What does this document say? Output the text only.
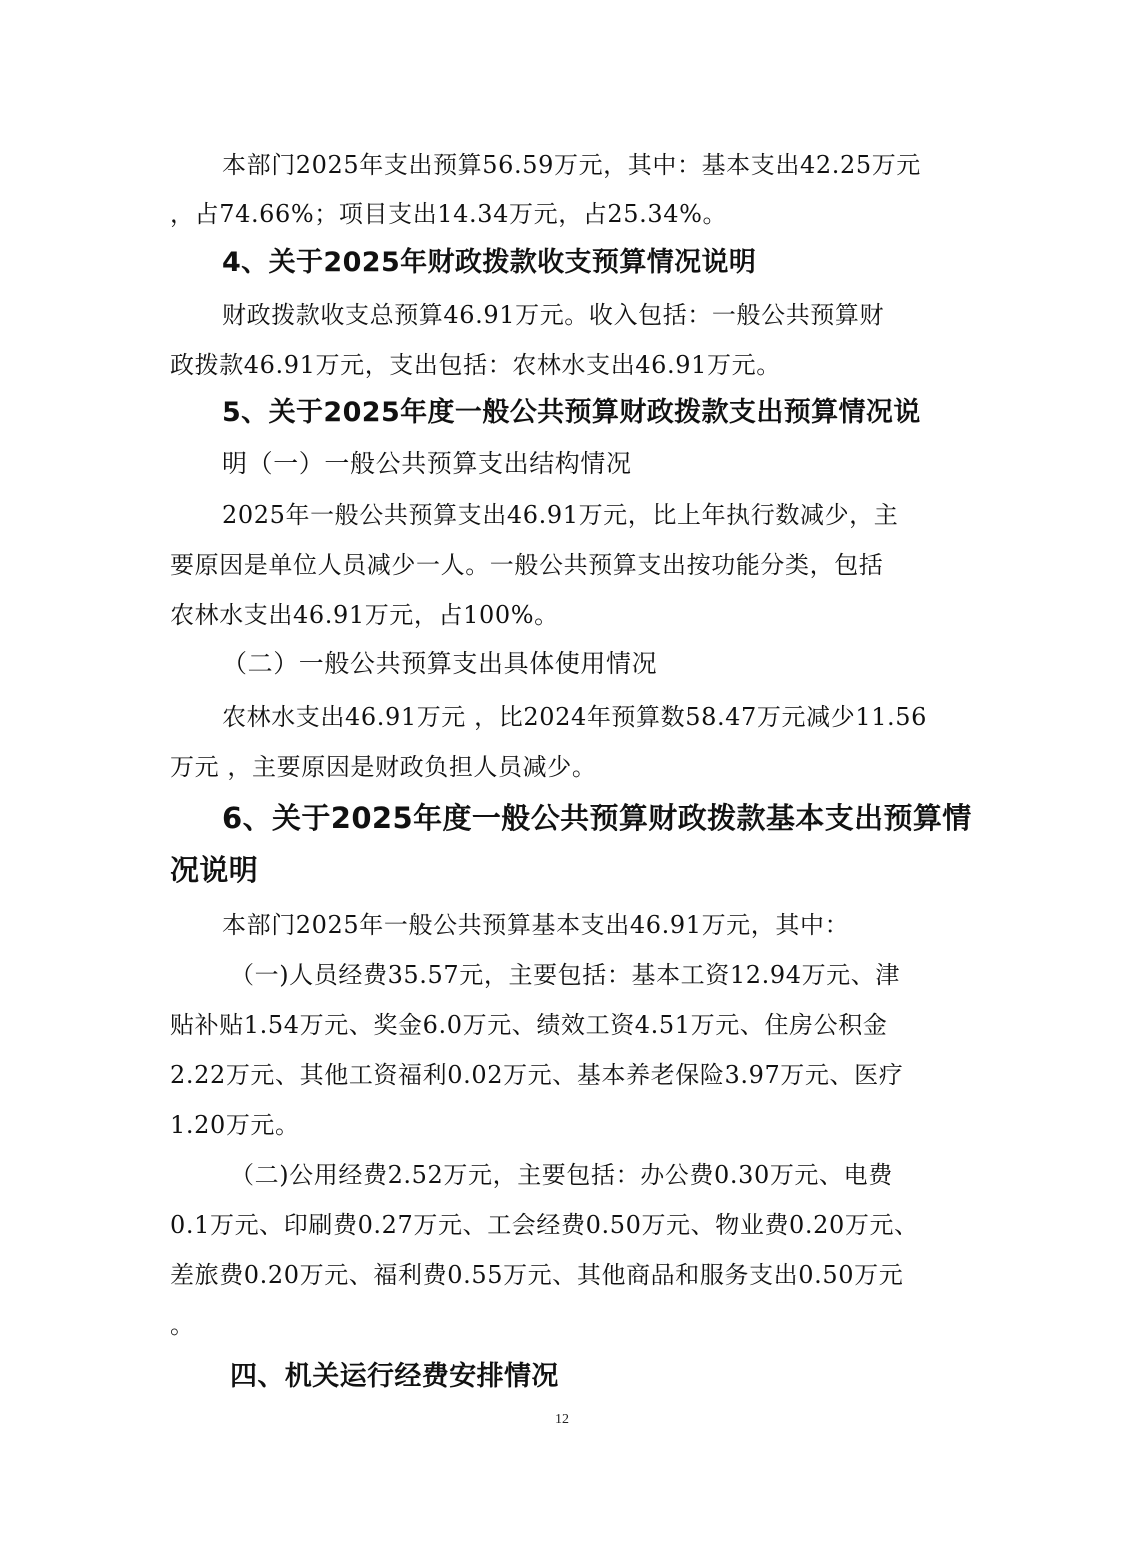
本部门2025年支出预算56.59万元，其中：基本支出42.25万元
，占74.66%；项目支出14.34万元，占25.34%。
4、关于2025年财政拨款收支预算情况说明
财政拨款收支总预算46.91万元。收入包括：一般公共预算财
政拨款46.91万元，支出包括：农林水支出46.91万元。
5、关于2025年度一般公共预算财政拨款支出预算情况说
明（一）一般公共预算支出结构情况
2025年一般公共预算支出46.91万元，比上年执行数减少，主
要原因是单位人员减少一人。一般公共预算支出按功能分类，包括
农林水支出46.91万元，占100%。
（二）一般公共预算支出具体使用情况
农林水支出46.91万元 ，比2024年预算数58.47万元减少11.56
万元 ，主要原因是财政负担人员减少。
6、关于2025年度一般公共预算财政拨款基本支出预算情
况说明
本部门2025年一般公共预算基本支出46.91万元，其中：
（一)人员经费35.57元，主要包括：基本工资12.94万元、津
贴补贴1.54万元、奖金6.0万元、绩效工资4.51万元、住房公积金
2.22万元、其他工资福利0.02万元、基本养老保险3.97万元、医疗
1.20万元。
（二)公用经费2.52万元，主要包括：办公费0.30万元、电费
0.1万元、印刷费0.27万元、工会经费0.50万元、物业费0.20万元、
差旅费0.20万元、福利费0.55万元、其他商品和服务支出0.50万元
。
四、机关运行经费安排情况
12
